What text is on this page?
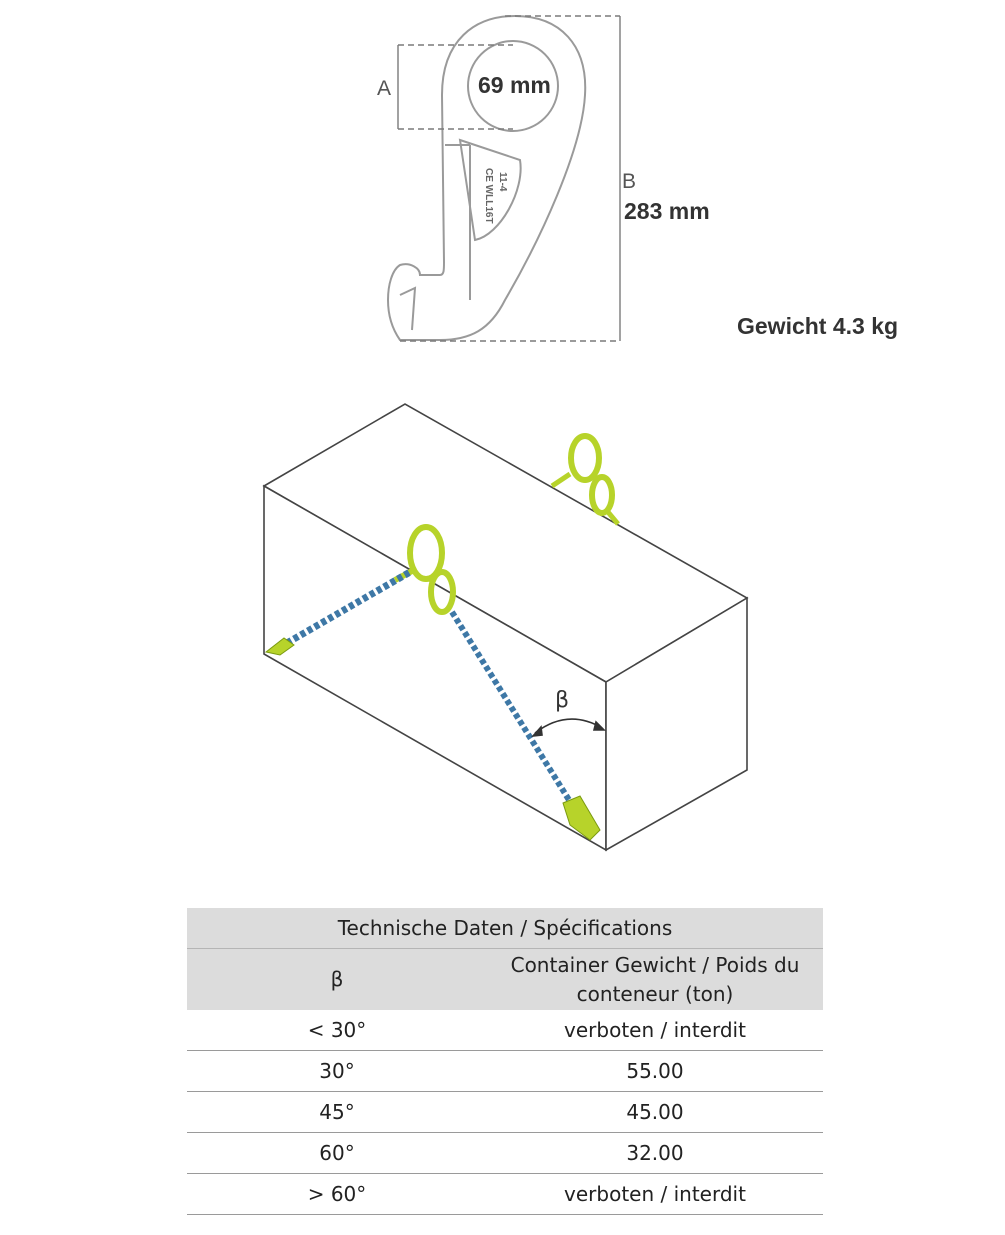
CE WLL16T 11-4
A	69 mm
B
283 mm
Gewicht 4.3 kg
β
Technische Daten / Spécifications	
β	Container Gewicht / Poids du
conteneur (ton)

< 30°	verboten / interdit
30°	55.00
45°	45.00
60°	32.00
> 60°	verboten / interdit
